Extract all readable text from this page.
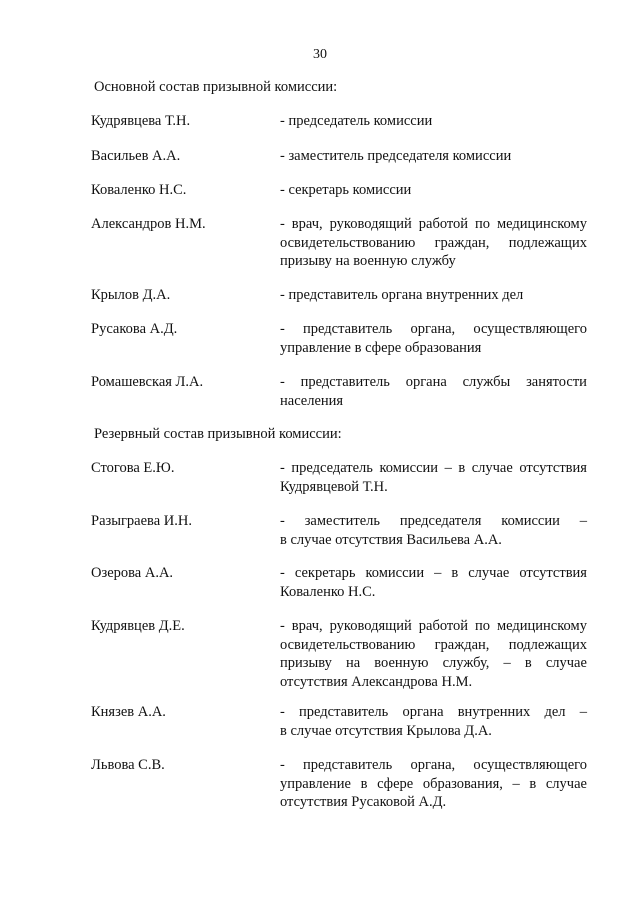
30
Основной состав призывной комиссии:
Кудрявцева Т.Н.	- председатель комиссии
Васильев А.А.	- заместитель председателя комиссии
Коваленко Н.С.	- секретарь комиссии
Александров Н.М.	- врач, руководящий работой по медицинскому
освидетельствованию граждан, подлежащих
призыву на военную службу
Крылов Д.А.	- представитель органа внутренних дел
Русакова А.Д.	- представитель органа, осуществляющего
управление в сфере образования
Ромашевская Л.А.	- представитель органа службы занятости
населения
Резервный состав призывной комиссии:
Стогова Е.Ю.	- председатель комиссии – в случае отсутствия
Кудрявцевой Т.Н.
Разыграева И.Н.	- заместитель председателя комиссии –
в случае отсутствия Васильева А.А.
Озерова А.А.	- секретарь комиссии – в случае отсутствия
Коваленко Н.С.
Кудрявцев Д.Е.	- врач, руководящий работой по медицинскому
освидетельствованию граждан, подлежащих
призыву на военную службу, – в случае
отсутствия Александрова Н.М.
Князев А.А.	- представитель органа внутренних дел –
в случае отсутствия Крылова Д.А.
Львова С.В.	- представитель органа, осуществляющего
управление в сфере образования, – в случае
отсутствия Русаковой А.Д.
